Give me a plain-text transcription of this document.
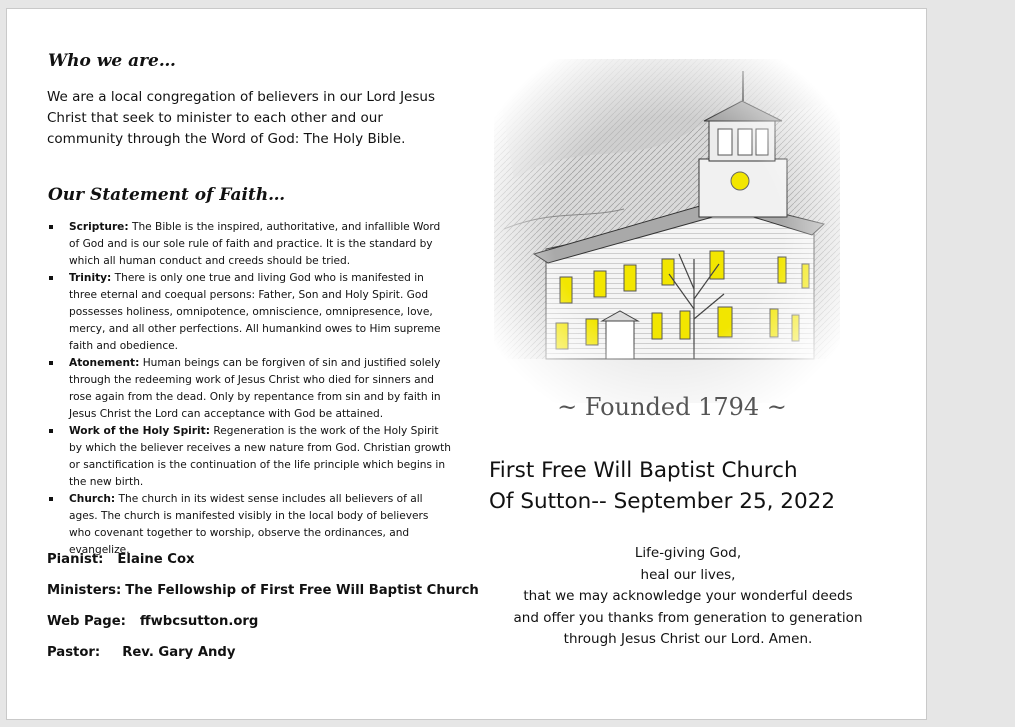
Who we are…
We are a local congregation of believers in our Lord Jesus Christ that seek to minister to each other and our community through the Word of God: The Holy Bible.
Our Statement of Faith…
Scripture: The Bible is the inspired, authoritative, and infallible Word of God and is our sole rule of faith and practice. It is the standard by which all human conduct and creeds should be tried.
Trinity: There is only one true and living God who is manifested in three eternal and coequal persons: Father, Son and Holy Spirit. God possesses holiness, omnipotence, omniscience, omnipresence, love, mercy, and all other perfections. All humankind owes to Him supreme faith and obedience.
Atonement: Human beings can be forgiven of sin and justified solely through the redeeming work of Jesus Christ who died for sinners and rose again from the dead. Only by repentance from sin and by faith in Jesus Christ the Lord can acceptance with God be attained.
Work of the Holy Spirit: Regeneration is the work of the Holy Spirit by which the believer receives a new nature from God. Christian growth or sanctification is the continuation of the life principle which begins in the new birth.
Church: The church in its widest sense includes all believers of all ages. The church is manifested visibly in the local body of believers who covenant together to worship, observe the ordinances, and evangelize.
Pianist: Elaine Cox
Ministers: The Fellowship of First Free Will Baptist Church
Web Page: ffwbcsutton.org
Pastor: Rev. Gary Andy
~ Founded 1794 ~
First Free Will Baptist Church
Of Sutton-- September 25, 2022
Life-giving God,
heal our lives,
that we may acknowledge your wonderful deeds
and offer you thanks from generation to generation
through Jesus Christ our Lord. Amen.
